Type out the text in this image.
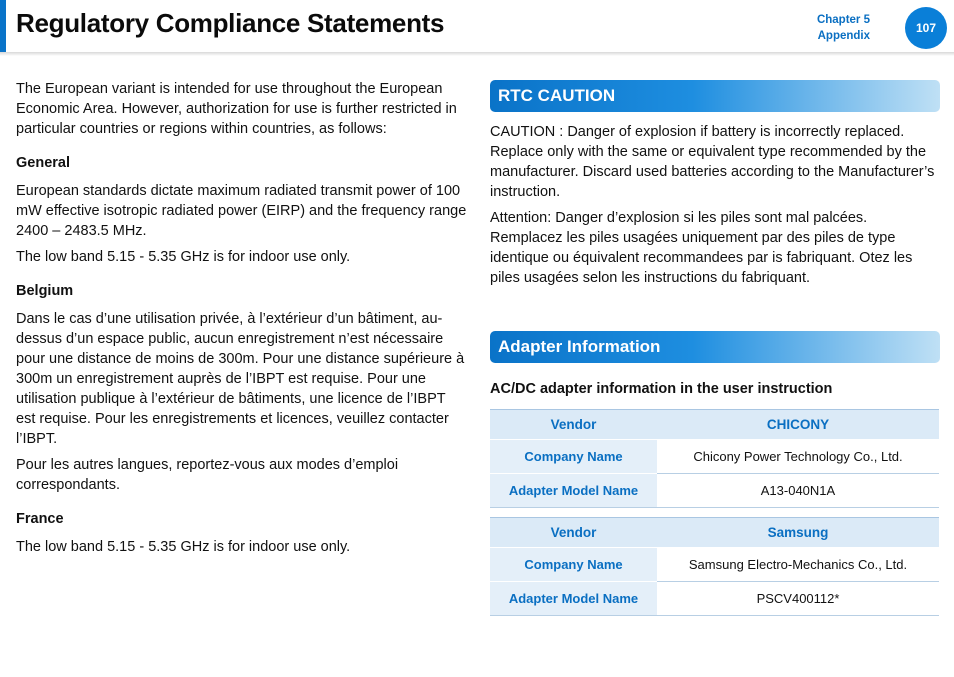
Regulatory Compliance Statements	Chapter 5
Appendix
107

The European variant is intended for use throughout the European Economic Area. However, authorization for use is further restricted in particular countries or regions within countries, as follows:

General

European standards dictate maximum radiated transmit power of 100 mW effective isotropic radiated power (EIRP) and the frequency range 2400 – 2483.5 MHz.

The low band 5.15 - 5.35 GHz is for indoor use only.

Belgium

Dans le cas d’une utilisation privée, à l’extérieur d’un bâtiment, au-dessus d’un espace public, aucun enregistrement n’est nécessaire pour une distance de moins de 300m. Pour une distance supérieure à 300m un enregistrement auprès de l’IBPT est requise. Pour une utilisation publique à l’extérieur de bâtiments, une licence de l’IBPT est requise. Pour les enregistrements et licences, veuillez contacter l’IBPT.

Pour les autres langues, reportez-vous aux modes d’emploi correspondants.

France

The low band 5.15 - 5.35 GHz is for indoor use only.

RTC CAUTION

CAUTION : Danger of explosion if battery is incorrectly replaced. Replace only with the same or equivalent type recommended by the manufacturer. Discard used batteries according to the Manufacturer’s instruction.

Attention: Danger d’explosion si les piles sont mal palcées. Remplacez les piles usagées uniquement par des piles de type identique ou équivalent recommandees par is fabriquant. Otez les piles usagées selon les instructions du fabriquant.

Adapter Information
AC/DC adapter information in the user instruction
Vendor	CHICONY
Company Name	Chicony Power Technology Co., Ltd.
Adapter Model Name	A13-040N1A
Vendor	Samsung
Company Name	Samsung Electro-Mechanics Co., Ltd.
Adapter Model Name	PSCV400112*
